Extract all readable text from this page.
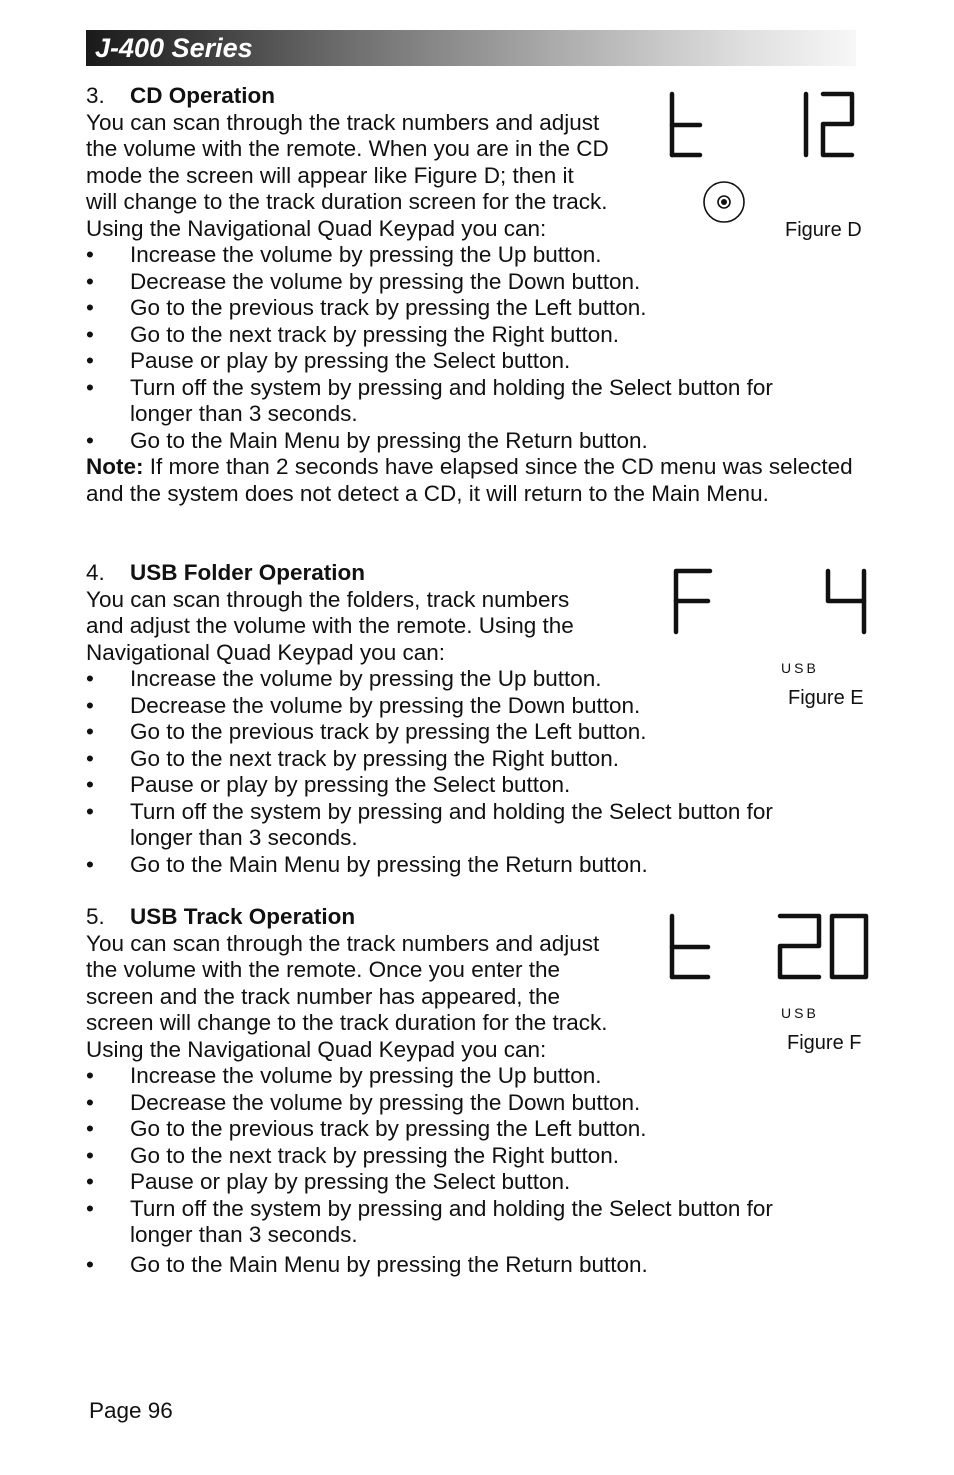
J-400 Series
3. CD Operation

You can scan through the track numbers and adjust

the volume with the remote. When you are in the CD

mode the screen will appear like Figure D; then it

will change to the track duration screen for the track.

Using the Navigational Quad Keypad you can:

•	Increase the volume by pressing the Up button.
•	Decrease the volume by pressing the Down button.
•	Go to the previous track by pressing the Left button.
•	Go to the next track by pressing the Right button.
•	Pause or play by pressing the Select button.
•	Turn off the system by pressing and holding the Select button for longer than 3 seconds.
•	Go to the Main Menu by pressing the Return button.

Note: If more than 2 seconds have elapsed since the CD menu was selected and the system does not detect a CD, it will return to the Main Menu.

Figure D
4. USB Folder Operation

You can scan through the folders, track numbers

and adjust the volume with the remote. Using the

Navigational Quad Keypad you can:

•	Increase the volume by pressing the Up button.
•	Decrease the volume by pressing the Down button.
•	Go to the previous track by pressing the Left button.
•	Go to the next track by pressing the Right button.
•	Pause or play by pressing the Select button.
•	Turn off the system by pressing and holding the Select button for longer than 3 seconds.
•	Go to the Main Menu by pressing the Return button.
USB
Figure E
5. USB Track Operation

You can scan through the track numbers and adjust

the volume with the remote. Once you enter the

screen and the track number has appeared, the

screen will change to the track duration for the track.

Using the Navigational Quad Keypad you can:

•	Increase the volume by pressing the Up button.
•	Decrease the volume by pressing the Down button.
•	Go to the previous track by pressing the Left button.
•	Go to the next track by pressing the Right button.
•	Pause or play by pressing the Select button.
•	Turn off the system by pressing and holding the Select button for longer than 3 seconds.
•	Go to the Main Menu by pressing the Return button.
USB
Figure F
Page 96
